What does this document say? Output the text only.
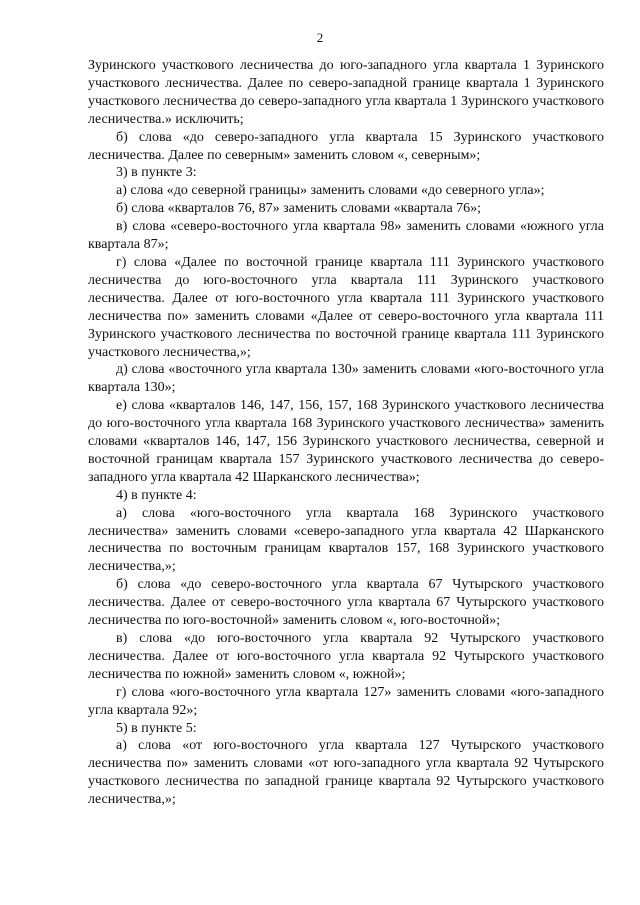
2

Зуринского участкового лесничества до юго-западного угла квартала 1 Зуринского участкового лесничества. Далее по северо-западной границе квартала 1 Зуринского участкового лесничества до северо-западного угла квартала 1 Зуринского участкового лесничества.» исключить;

б) слова «до северо-западного угла квартала 15 Зуринского участкового лесничества. Далее по северным» заменить словом «, северным»;

3) в пункте 3:

а) слова «до северной границы» заменить словами «до северного угла»;

б) слова «кварталов 76, 87» заменить словами «квартала 76»;

в) слова «северо-восточного угла квартала 98» заменить словами «южного угла квартала 87»;

г) слова «Далее по восточной границе квартала 111 Зуринского участкового лесничества до юго-восточного угла квартала 111 Зуринского участкового лесничества. Далее от юго-восточного угла квартала 111 Зуринского участкового лесничества по» заменить словами «Далее от северо-восточного угла квартала 111 Зуринского участкового лесничества по восточной границе квартала 111 Зуринского участкового лесничества,»;

д) слова «восточного угла квартала 130» заменить словами «юго-восточного угла квартала 130»;

е) слова «кварталов 146, 147, 156, 157, 168 Зуринского участкового лесничества до юго-восточного угла квартала 168 Зуринского участкового лесничества» заменить словами «кварталов 146, 147, 156 Зуринского участкового лесничества, северной и восточной границам квартала 157 Зуринского участкового лесничества до северо-западного угла квартала 42 Шарканского лесничества»;

4) в пункте 4:

а) слова «юго-восточного угла квартала 168 Зуринского участкового лесничества» заменить словами «северо-западного угла квартала 42 Шарканского лесничества по восточным границам кварталов 157, 168 Зуринского участкового лесничества,»;

б) слова «до северо-восточного угла квартала 67 Чутырского участкового лесничества. Далее от северо-восточного угла квартала 67 Чутырского участкового лесничества по юго-восточной» заменить словом «, юго-восточной»;

в) слова «до юго-восточного угла квартала 92 Чутырского участкового лесничества. Далее от юго-восточного угла квартала 92 Чутырского участкового лесничества по южной» заменить словом «, южной»;

г) слова «юго-восточного угла квартала 127» заменить словами «юго-западного угла квартала 92»;

5) в пункте 5:

а) слова «от юго-восточного угла квартала 127 Чутырского участкового лесничества по» заменить словами «от юго-западного угла квартала 92 Чутырского участкового лесничества по западной границе квартала 92 Чутырского участкового лесничества,»;
